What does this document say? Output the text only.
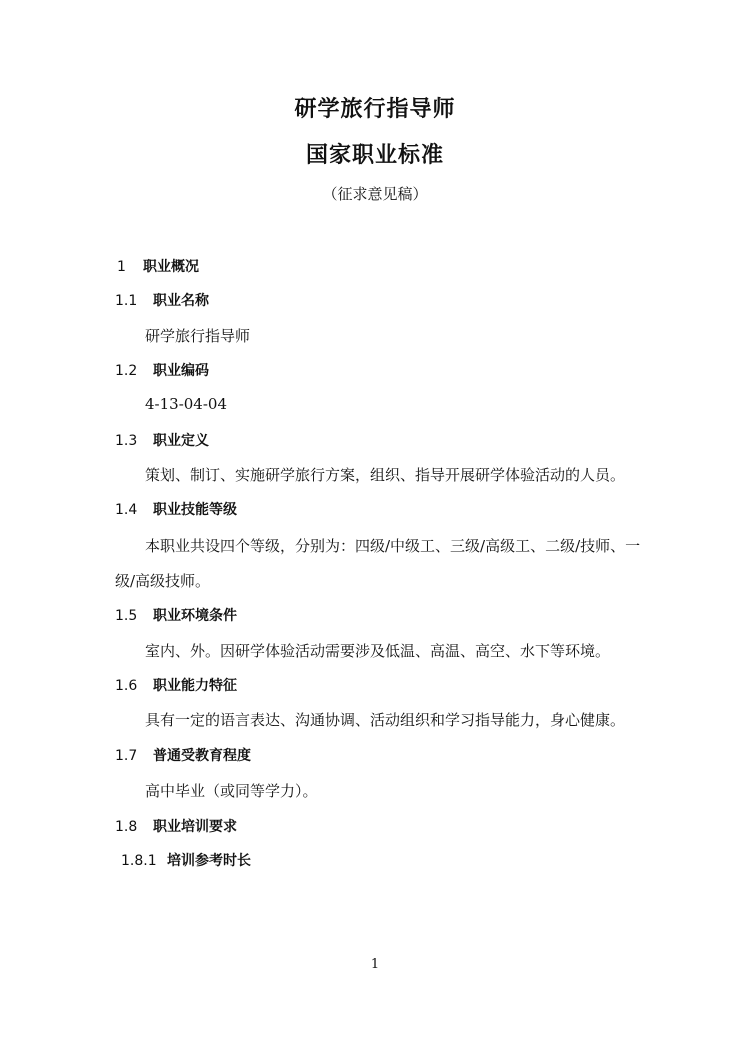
研学旅行指导师
国家职业标准
（征求意见稿）
1 职业概况
1.1 职业名称
研学旅行指导师
1.2 职业编码
4-13-04-04
1.3 职业定义
策划、制订、实施研学旅行方案，组织、指导开展研学体验活动的人员。
1.4 职业技能等级
本职业共设四个等级，分别为：四级/中级工、三级/高级工、二级/技师、一
级/高级技师。
1.5 职业环境条件
室内、外。因研学体验活动需要涉及低温、高温、高空、水下等环境。
1.6 职业能力特征
具有一定的语言表达、沟通协调、活动组织和学习指导能力，身心健康。
1.7 普通受教育程度
高中毕业（或同等学力）。
1.8 职业培训要求
1.8.1 培训参考时长
1
